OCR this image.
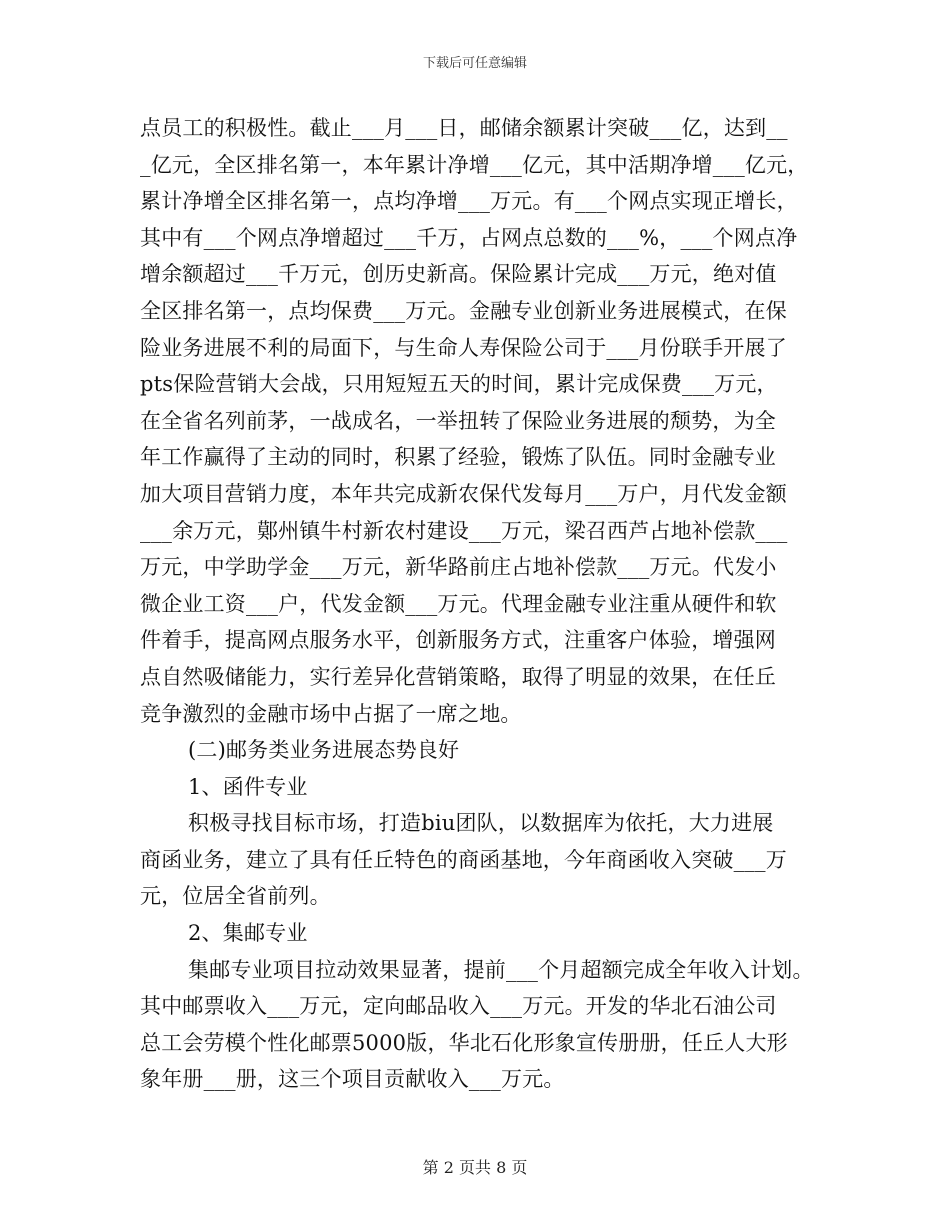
下载后可任意编辑
点员工的积极性。截止___月___日，邮储余额累计突破___亿，达到__
_亿元，全区排名第一，本年累计净增___亿元，其中活期净增___亿元，
累计净增全区排名第一，点均净增___万元。有___个网点实现正增长，
其中有___个网点净增超过___千万，占网点总数的___%，___个网点净
增余额超过___千万元，创历史新高。保险累计完成___万元，绝对值
全区排名第一，点均保费___万元。金融专业创新业务进展模式，在保
险业务进展不利的局面下，与生命人寿保险公司于___月份联手开展了
pts保险营销大会战，只用短短五天的时间，累计完成保费___万元，
在全省名列前茅，一战成名，一举扭转了保险业务进展的颓势，为全
年工作赢得了主动的同时，积累了经验，锻炼了队伍。同时金融专业
加大项目营销力度，本年共完成新农保代发每月___万户，月代发金额
___余万元，鄚州镇牛村新农村建设___万元，梁召西芦占地补偿款___
万元，中学助学金___万元，新华路前庄占地补偿款___万元。代发小
微企业工资___户，代发金额___万元。代理金融专业注重从硬件和软
件着手，提高网点服务水平，创新服务方式，注重客户体验，增强网
点自然吸储能力，实行差异化营销策略，取得了明显的效果，在任丘
竞争激烈的金融市场中占据了一席之地。
(二)邮务类业务进展态势良好
1、函件专业
积极寻找目标市场，打造biu团队，以数据库为依托，大力进展
商函业务，建立了具有任丘特色的商函基地，今年商函收入突破___万
元，位居全省前列。
2、集邮专业
集邮专业项目拉动效果显著，提前___个月超额完成全年收入计划。
其中邮票收入___万元，定向邮品收入___万元。开发的华北石油公司
总工会劳模个性化邮票5000版，华北石化形象宣传册册，任丘人大形
象年册___册，这三个项目贡献收入___万元。
第 2 页共 8 页
